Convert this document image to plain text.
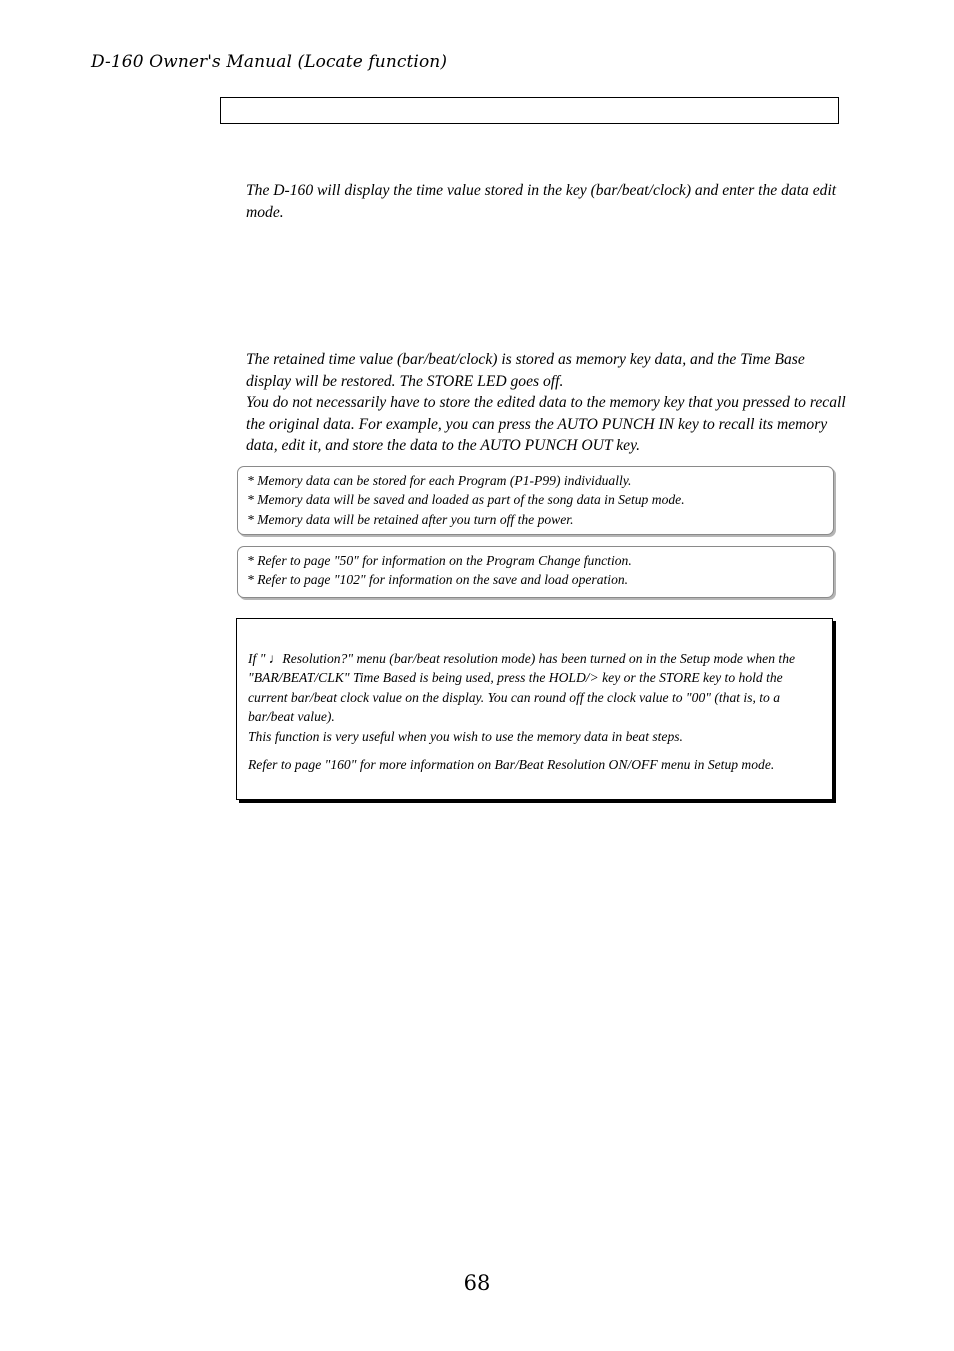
D-160 Owner's Manual (Locate function)

The D-160 will display the time value stored in the key (bar/beat/clock) and enter the data edit mode.

The retained time value (bar/beat/clock) is stored as memory key data, and the Time Base display will be restored. The STORE LED goes off.

You do not necessarily have to store the edited data to the memory key that you pressed to recall the original data. For example, you can press the AUTO PUNCH IN key to recall its memory data, edit it, and store the data to the AUTO PUNCH OUT key.

* Memory data can be stored for each Program (P1-P99) individually.

* Memory data will be saved and loaded as part of the song data in Setup mode.

* Memory data will be retained after you turn off the power.

* Refer to page "50" for information on the Program Change function.

* Refer to page "102" for information on the save and load operation.

If " ♩Resolution?" menu (bar/beat resolution mode) has been turned on in the Setup mode when the "BAR/BEAT/CLK" Time Based is being used, press the HOLD/> key or the STORE key to hold the current bar/beat clock value on the display. You can round off the clock value to "00" (that is, to a bar/beat value).

This function is very useful when you wish to use the memory data in beat steps.

Refer to page "160" for more information on Bar/Beat Resolution ON/OFF menu in Setup mode.

68
